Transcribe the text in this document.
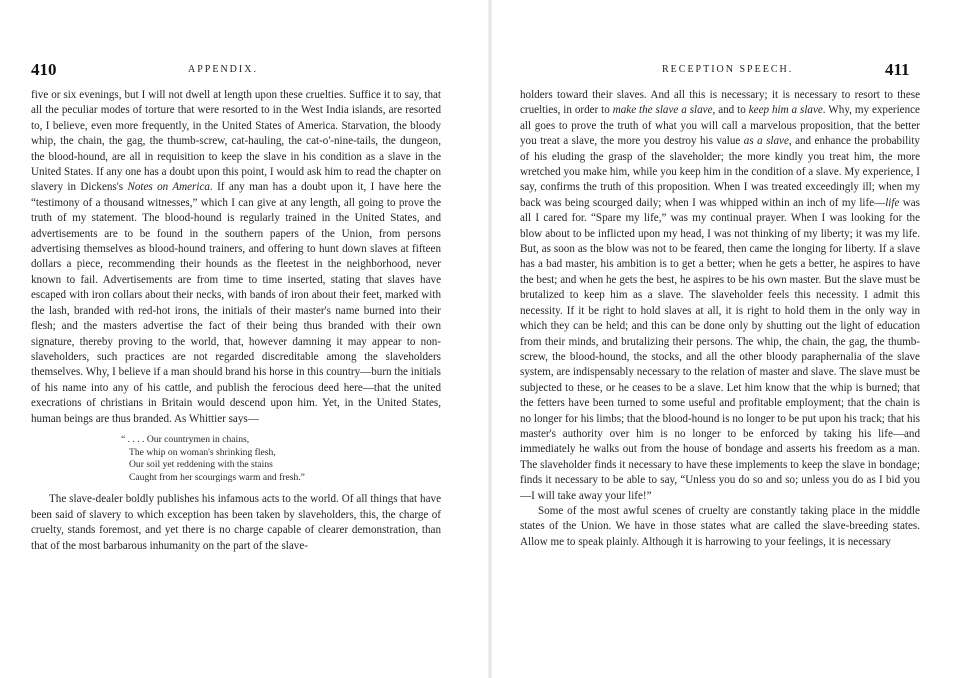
410	APPENDIX.

five or six evenings, but I will not dwell at length upon these cruelties. Suffice it to say, that all the peculiar modes of torture that were resorted to in the West India islands, are resorted to, I believe, even more frequently, in the United States of America. Starvation, the bloody whip, the chain, the gag, the thumb-screw, cat-hauling, the cat-o'-nine-tails, the dungeon, the blood-hound, are all in requisition to keep the slave in his condition as a slave in the United States. If any one has a doubt upon this point, I would ask him to read the chapter on slavery in Dickens's Notes on America. If any man has a doubt upon it, I have here the “testimony of a thousand witnesses,” which I can give at any length, all going to prove the truth of my statement. The blood-hound is regularly trained in the United States, and advertisements are to be found in the southern papers of the Union, from persons advertising themselves as blood-hound trainers, and offering to hunt down slaves at fifteen dollars a piece, recommending their hounds as the fleetest in the neighborhood, never known to fail. Advertisements are from time to time inserted, stating that slaves have escaped with iron collars about their necks, with bands of iron about their feet, marked with the lash, branded with red-hot irons, the initials of their master's name burned into their flesh; and the masters advertise the fact of their being thus branded with their own signature, thereby proving to the world, that, however damning it may appear to non-slaveholders, such practices are not regarded discreditable among the slaveholders themselves. Why, I believe if a man should brand his horse in this country—burn the initials of his name into any of his cattle, and publish the ferocious deed here—that the united execrations of christians in Britain would descend upon him. Yet, in the United States, human beings are thus branded. As Whittier says—

“ . . . . Our countrymen in chains,
The whip on woman's shrinking flesh,
Our soil yet reddening with the stains
Caught from her scourgings warm and fresh.”

The slave-dealer boldly publishes his infamous acts to the world. Of all things that have been said of slavery to which exception has been taken by slaveholders, this, the charge of cruelty, stands foremost, and yet there is no charge capable of clearer demonstration, than that of the most barbarous inhumanity on the part of the slave-

RECEPTION SPEECH.	411

holders toward their slaves. And all this is necessary; it is necessary to resort to these cruelties, in order to make the slave a slave, and to keep him a slave. Why, my experience all goes to prove the truth of what you will call a marvelous proposition, that the better you treat a slave, the more you destroy his value as a slave, and enhance the probability of his eluding the grasp of the slaveholder; the more kindly you treat him, the more wretched you make him, while you keep him in the condition of a slave. My experience, I say, confirms the truth of this proposition. When I was treated exceedingly ill; when my back was being scourged daily; when I was whipped within an inch of my life—life was all I cared for. “Spare my life,” was my continual prayer. When I was looking for the blow about to be inflicted upon my head, I was not thinking of my liberty; it was my life. But, as soon as the blow was not to be feared, then came the longing for liberty. If a slave has a bad master, his ambition is to get a better; when he gets a better, he aspires to have the best; and when he gets the best, he aspires to be his own master. But the slave must be brutalized to keep him as a slave. The slaveholder feels this necessity. I admit this necessity. If it be right to hold slaves at all, it is right to hold them in the only way in which they can be held; and this can be done only by shutting out the light of education from their minds, and brutalizing their persons. The whip, the chain, the gag, the thumb-screw, the blood-hound, the stocks, and all the other bloody paraphernalia of the slave system, are indispensably necessary to the relation of master and slave. The slave must be subjected to these, or he ceases to be a slave. Let him know that the whip is burned; that the fetters have been turned to some useful and profitable employment; that the chain is no longer for his limbs; that the blood-hound is no longer to be put upon his track; that his master's authority over him is no longer to be enforced by taking his life—and immediately he walks out from the house of bondage and asserts his freedom as a man. The slaveholder finds it necessary to have these implements to keep the slave in bondage; finds it necessary to be able to say, “Unless you do so and so; unless you do as I bid you—I will take away your life!”

Some of the most awful scenes of cruelty are constantly taking place in the middle states of the Union. We have in those states what are called the slave-breeding states. Allow me to speak plainly. Although it is harrowing to your feelings, it is necessary
